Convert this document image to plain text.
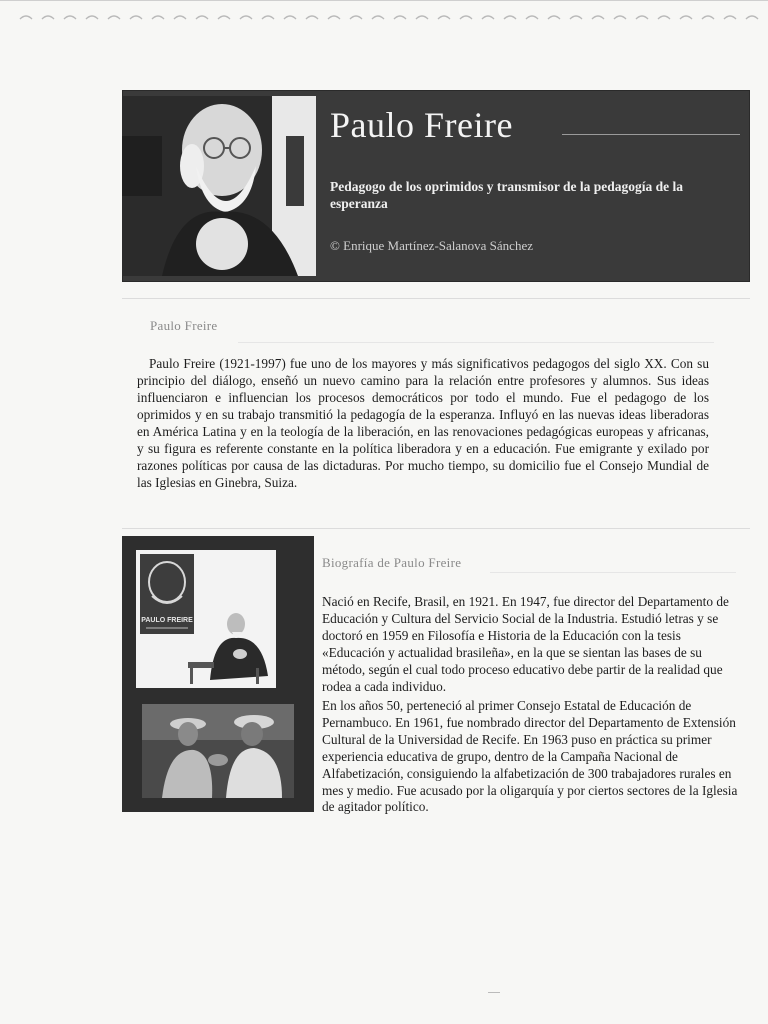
Paulo Freire
Pedagogo de los oprimidos y transmisor de la pedagogía de la esperanza
© Enrique Martínez-Salanova Sánchez
Paulo Freire

Paulo Freire (1921-1997) fue uno de los mayores y más significativos pedagogos del siglo XX. Con su principio del diálogo, enseñó un nuevo camino para la relación entre profesores y alumnos. Sus ideas influenciaron e influencian los procesos democráticos por todo el mundo. Fue el pedagogo de los oprimidos y en su trabajo transmitió la pedagogía de la esperanza. Influyó en las nuevas ideas liberadoras en América Latina y en la teología de la liberación, en las renovaciones pedagógicas europeas y africanas, y su figura es referente constante en la política liberadora y en a educación. Fue emigrante y exilado por razones políticas por causa de las dictaduras. Por mucho tiempo, su domicilio fue el Consejo Mundial de las Iglesias en Ginebra, Suiza.

PAULO FREIRE
Biografía de Paulo Freire

Nació en Recife, Brasil, en 1921. En 1947, fue director del Departamento de Educación y Cultura del Servicio Social de la Industria. Estudió letras y se doctoró en 1959 en Filosofía e Historia de la Educación con la tesis «Educación y actualidad brasileña», en la que se sientan las bases de su método, según el cual todo proceso educativo debe partir de la realidad que rodea a cada individuo.

En los años 50, perteneció al primer Consejo Estatal de Educación de Pernambuco. En 1961, fue nombrado director del Departamento de Extensión Cultural de la Universidad de Recife. En 1963 puso en práctica su primer experiencia educativa de grupo, dentro de la Campaña Nacional de Alfabetización, consiguiendo la alfabetización de 300 trabajadores rurales en mes y medio. Fue acusado por la oligarquía y por ciertos sectores de la Iglesia de agitador político.
